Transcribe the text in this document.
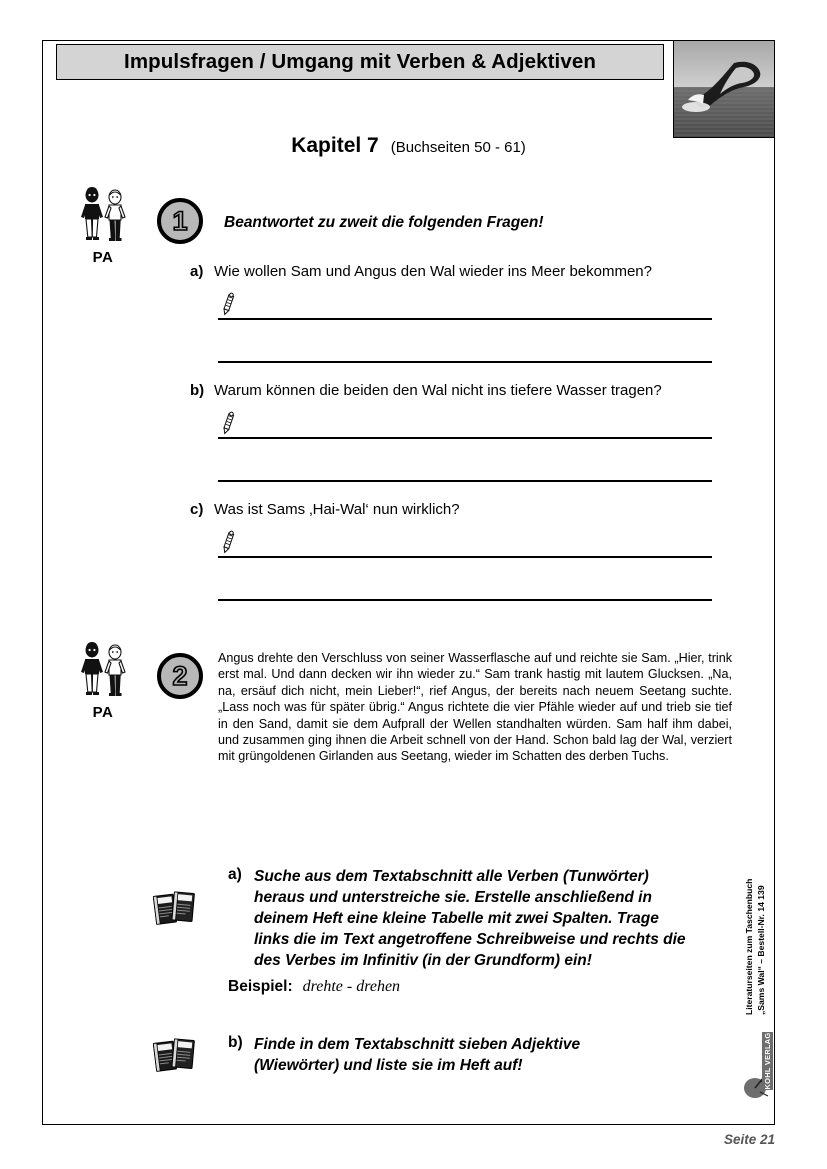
Impulsfragen / Umgang mit Verben & Adjektiven
Kapitel 7 (Buchseiten 50 - 61)
PA
1 Beantwortet zu zweit die folgenden Fragen!
a) Wie wollen Sam und Angus den Wal wieder ins Meer bekommen?
b) Warum können die beiden den Wal nicht ins tiefere Wasser tragen?
c) Was ist Sams ‚Hai-Wal‘ nun wirklich?
PA
2
Angus drehte den Verschluss von seiner Wasserflasche auf und reichte sie Sam. „Hier, trink erst mal. Und dann decken wir ihn wieder zu.“ Sam trank hastig mit lautem Glucksen. „Na, na, ersäuf dich nicht, mein Lieber!“, rief Angus, der bereits nach neuem Seetang suchte. „Lass noch was für später übrig.“ Angus richtete die vier Pfähle wieder auf und trieb sie tief in den Sand, damit sie dem Aufprall der Wellen standhalten würden. Sam half ihm dabei, und zusammen ging ihnen die Arbeit schnell von der Hand. Schon bald lag der Wal, verziert mit grüngoldenen Girlanden aus Seetang, wieder im Schatten des derben Tuchs.
a) Suche aus dem Textabschnitt alle Verben (Tunwörter) heraus und unterstreiche sie. Erstelle anschließend in deinem Heft eine kleine Tabelle mit zwei Spalten. Trage links die im Text angetroffene Schreibweise und rechts die des Verbes im Infinitiv (in der Grundform) ein!
Beispiel: drehte - drehen
b) Finde in dem Textabschnitt sieben Adjektive (Wiewörter) und liste sie im Heft auf!
Literaturseiten zum Taschenbuch „Sams Wal“ – Bestell-Nr. 14 139
KOHL VERLAG
Seite 21
